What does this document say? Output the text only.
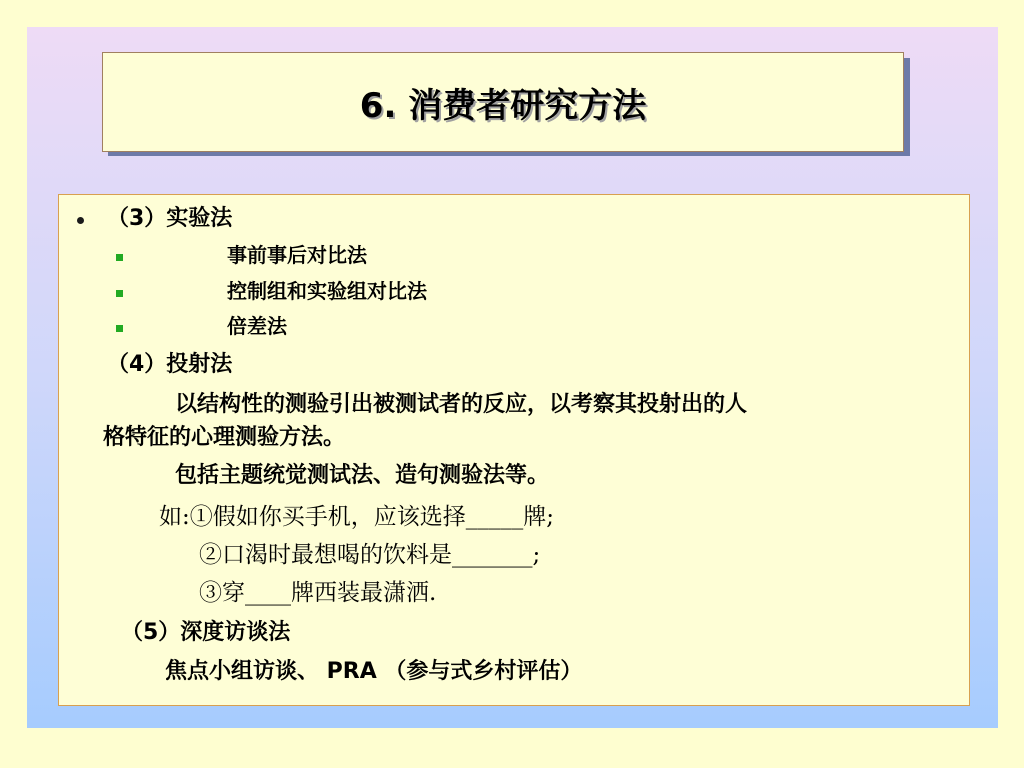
6. 消费者研究方法

（3）实验法

事前事后对比法

控制组和实验组对比法

倍差法

（4）投射法

以结构性的测验引出被测试者的反应，以考察其投射出的人

格特征的心理测验方法。

包括主题统觉测试法、造句测验法等。

如:①假如你买手机，应该选择_____牌;

②口渴时最想喝的饮料是_______;

③穿____牌西装最潇洒.

（5）深度访谈法

焦点小组访谈、 PRA （参与式乡村评估）
